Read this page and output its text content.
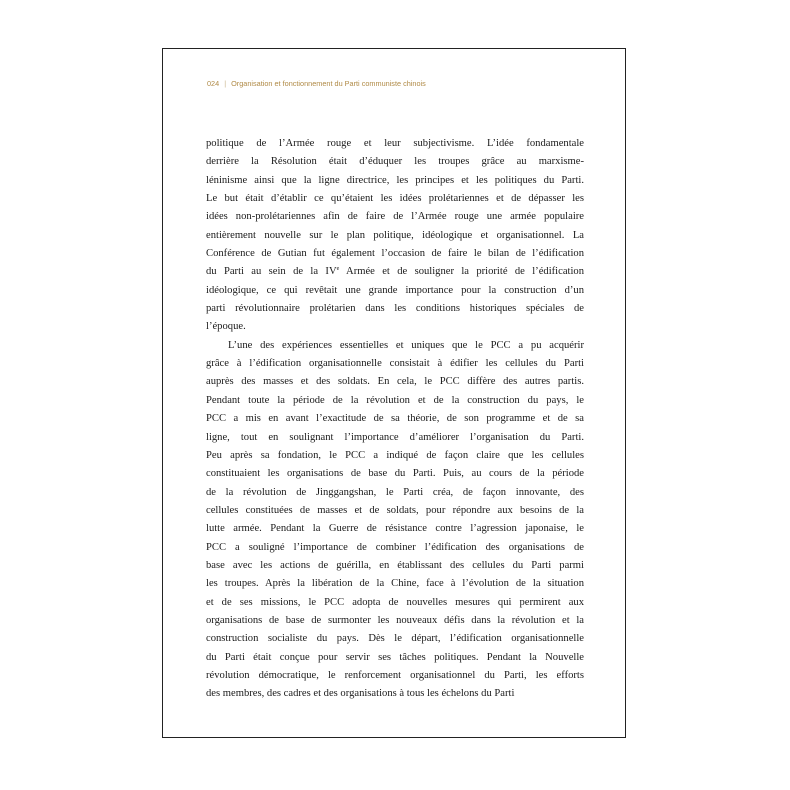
024 | Organisation et fonctionnement du Parti communiste chinois
politique de l’Armée rouge et leur subjectivisme. L’idée fondamentale
derrière la Résolution était d’éduquer les troupes grâce au marxisme-
léninisme ainsi que la ligne directrice, les principes et les politiques du Parti.
Le but était d’établir ce qu’étaient les idées prolétariennes et de dépasser les
idées non-prolétariennes afin de faire de l’Armée rouge une armée populaire
entièrement nouvelle sur le plan politique, idéologique et organisationnel. La
Conférence de Gutian fut également l’occasion de faire le bilan de l’édification
du Parti au sein de la IVe Armée et de souligner la priorité de l’édification
idéologique, ce qui revêtait une grande importance pour la construction d’un
parti révolutionnaire prolétarien dans les conditions historiques spéciales de
l’époque.
L’une des expériences essentielles et uniques que le PCC a pu acquérir
grâce à l’édification organisationnelle consistait à édifier les cellules du Parti
auprès des masses et des soldats. En cela, le PCC diffère des autres partis.
Pendant toute la période de la révolution et de la construction du pays, le
PCC a mis en avant l’exactitude de sa théorie, de son programme et de sa
ligne, tout en soulignant l’importance d’améliorer l’organisation du Parti.
Peu après sa fondation, le PCC a indiqué de façon claire que les cellules
constituaient les organisations de base du Parti. Puis, au cours de la période
de la révolution de Jinggangshan, le Parti créa, de façon innovante, des
cellules constituées de masses et de soldats, pour répondre aux besoins de la
lutte armée. Pendant la Guerre de résistance contre l’agression japonaise, le
PCC a souligné l’importance de combiner l’édification des organisations de
base avec les actions de guérilla, en établissant des cellules du Parti parmi
les troupes. Après la libération de la Chine, face à l’évolution de la situation
et de ses missions, le PCC adopta de nouvelles mesures qui permirent aux
organisations de base de surmonter les nouveaux défis dans la révolution et la
construction socialiste du pays. Dès le départ, l’édification organisationnelle
du Parti était conçue pour servir ses tâches politiques. Pendant la Nouvelle
révolution démocratique, le renforcement organisationnel du Parti, les efforts
des membres, des cadres et des organisations à tous les échelons du Parti
